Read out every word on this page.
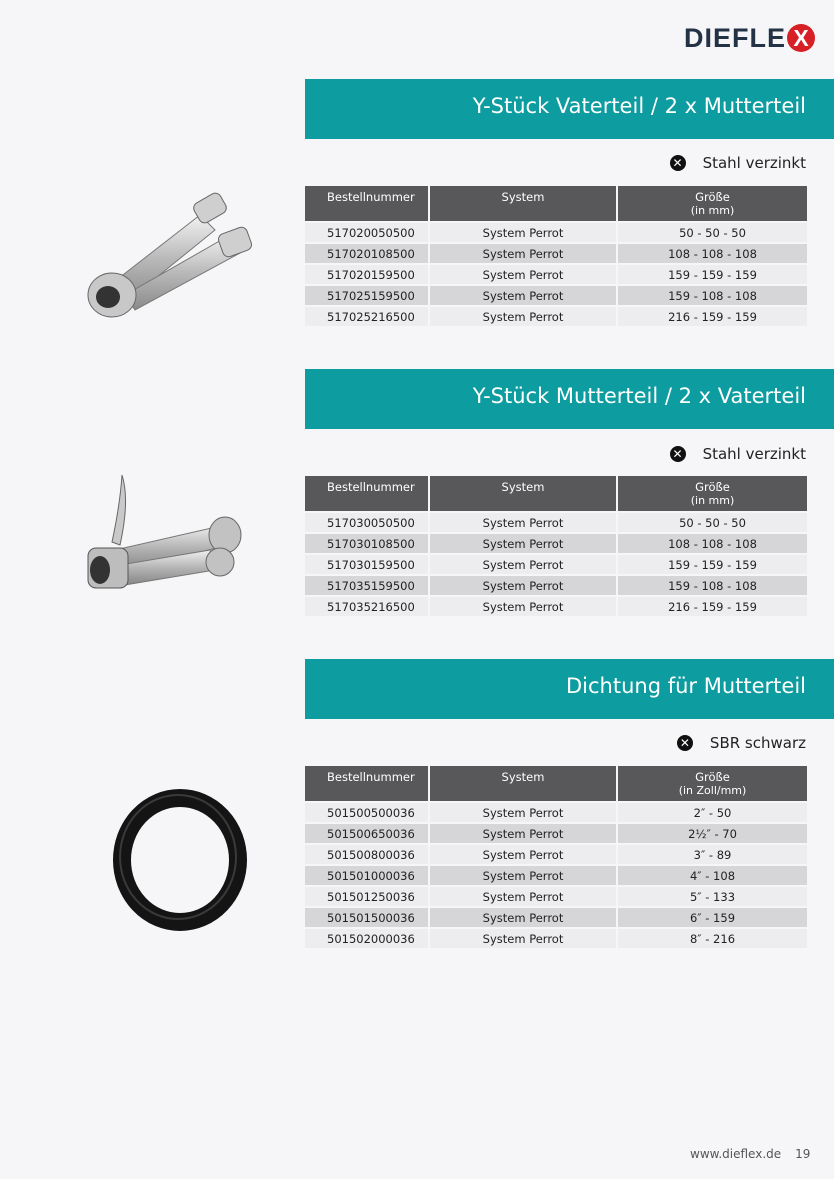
DIEFLE X
Y-Stück Vaterteil / 2 x Mutterteil
✕ Stahl verzinkt
Bestellnummer	System	Größe
(in mm)
517020050500	System Perrot	50 - 50 - 50
517020108500	System Perrot	108 - 108 - 108
517020159500	System Perrot	159 - 159 - 159
517025159500	System Perrot	159 - 108 - 108
517025216500	System Perrot	216 - 159 - 159
Y-Stück Mutterteil / 2 x Vaterteil
✕ Stahl verzinkt
Bestellnummer	System	Größe
(in mm)
517030050500	System Perrot	50 - 50 - 50
517030108500	System Perrot	108 - 108 - 108
517030159500	System Perrot	159 - 159 - 159
517035159500	System Perrot	159 - 108 - 108
517035216500	System Perrot	216 - 159 - 159
Dichtung für Mutterteil
✕ SBR schwarz
Bestellnummer	System	Größe
(in Zoll/mm)
501500500036	System Perrot	2″ - 50
501500650036	System Perrot	2½″ - 70
501500800036	System Perrot	3″ - 89
501501000036	System Perrot	4″ - 108
501501250036	System Perrot	5″ - 133
501501500036	System Perrot	6″ - 159
501502000036	System Perrot	8″ - 216
www.dieflex.de 19
